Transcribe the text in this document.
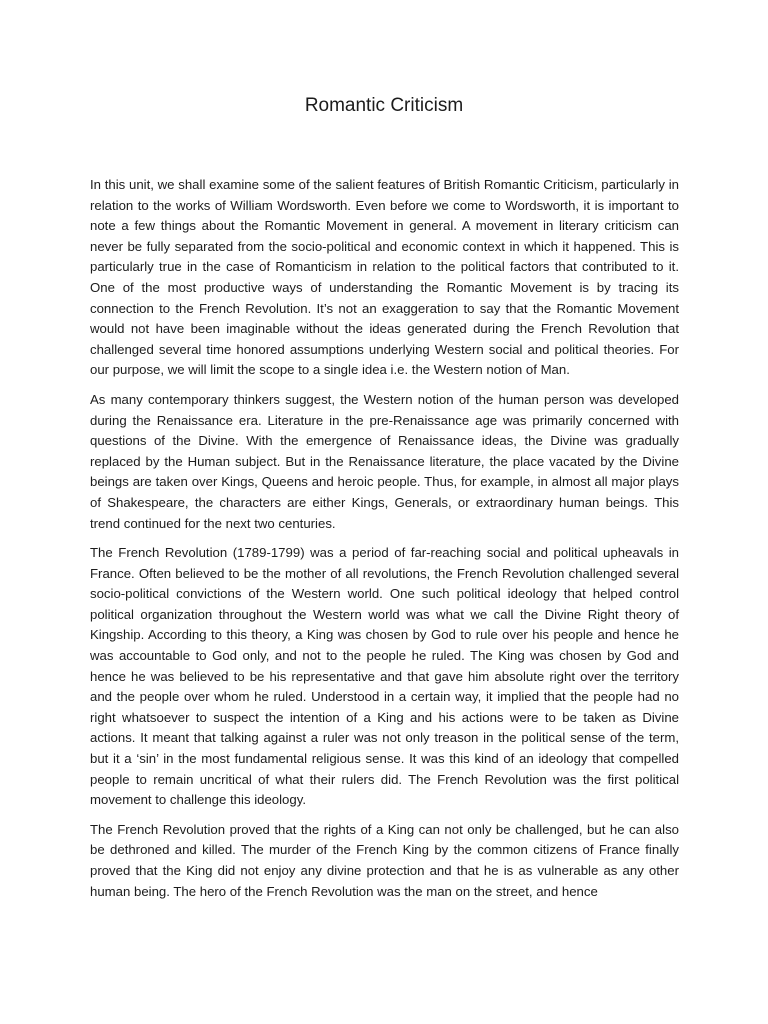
Romantic Criticism

In this unit, we shall examine some of the salient features of British Romantic Criticism, particularly in relation to the works of William Wordsworth. Even before we come to Wordsworth, it is important to note a few things about the Romantic Movement in general. A movement in literary criticism can never be fully separated from the socio-political and economic context in which it happened. This is particularly true in the case of Romanticism in relation to the political factors that contributed to it. One of the most productive ways of understanding the Romantic Movement is by tracing its connection to the French Revolution. It’s not an exaggeration to say that the Romantic Movement would not have been imaginable without the ideas generated during the French Revolution that challenged several time honored assumptions underlying Western social and political theories. For our purpose, we will limit the scope to a single idea i.e. the Western notion of Man.

As many contemporary thinkers suggest, the Western notion of the human person was developed during the Renaissance era. Literature in the pre-Renaissance age was primarily concerned with questions of the Divine. With the emergence of Renaissance ideas, the Divine was gradually replaced by the Human subject. But in the Renaissance literature, the place vacated by the Divine beings are taken over Kings, Queens and heroic people. Thus, for example, in almost all major plays of Shakespeare, the characters are either Kings, Generals, or extraordinary human beings. This trend continued for the next two centuries.

The French Revolution (1789-1799) was a period of far-reaching social and political upheavals in France. Often believed to be the mother of all revolutions, the French Revolution challenged several socio-political convictions of the Western world. One such political ideology that helped control political organization throughout the Western world was what we call the Divine Right theory of Kingship. According to this theory, a King was chosen by God to rule over his people and hence he was accountable to God only, and not to the people he ruled. The King was chosen by God and hence he was believed to be his representative and that gave him absolute right over the territory and the people over whom he ruled. Understood in a certain way, it implied that the people had no right whatsoever to suspect the intention of a King and his actions were to be taken as Divine actions. It meant that talking against a ruler was not only treason in the political sense of the term, but it a ‘sin’ in the most fundamental religious sense. It was this kind of an ideology that compelled people to remain uncritical of what their rulers did. The French Revolution was the first political movement to challenge this ideology.

The French Revolution proved that the rights of a King can not only be challenged, but he can also be dethroned and killed. The murder of the French King by the common citizens of France finally proved that the King did not enjoy any divine protection and that he is as vulnerable as any other human being. The hero of the French Revolution was the man on the street, and hence
